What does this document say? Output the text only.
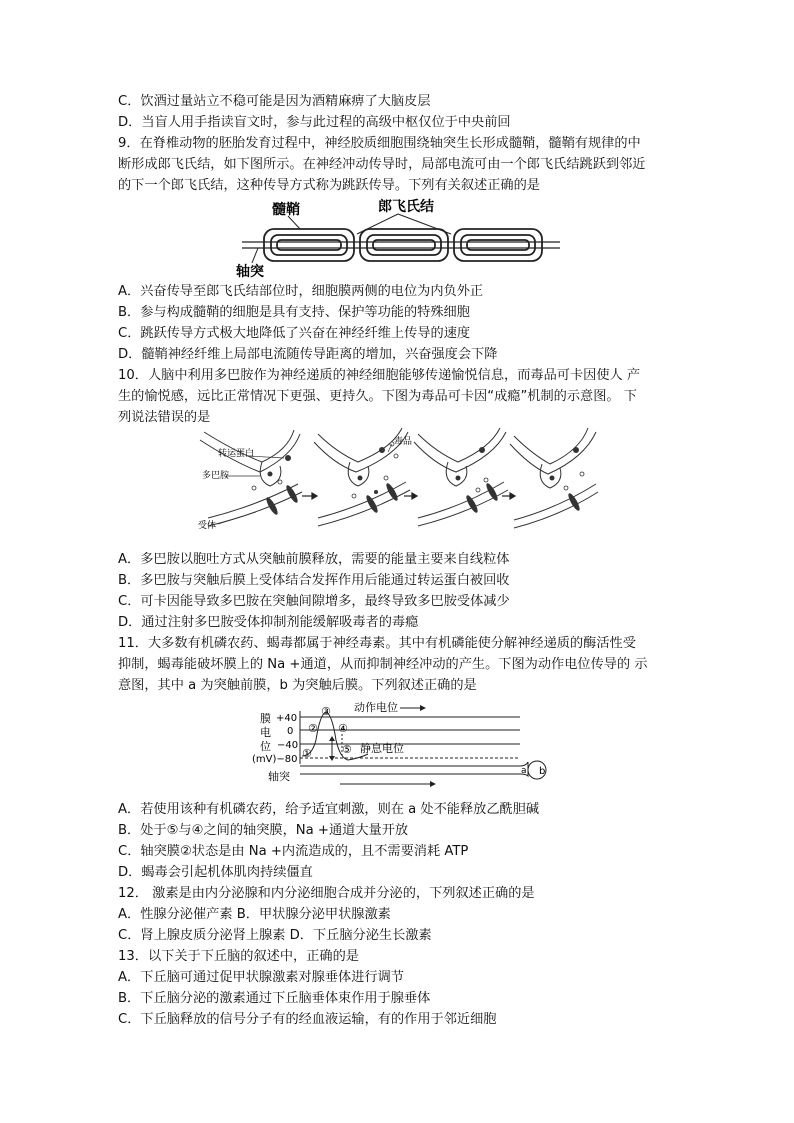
C．饮酒过量站立不稳可能是因为酒精麻痹了大脑皮层
D．当盲人用手指读盲文时，参与此过程的高级中枢仅位于中央前回
9．在脊椎动物的胚胎发育过程中，神经胶质细胞围绕轴突生长形成髓鞘，髓鞘有规律的中
断形成郎飞氏结，如下图所示。在神经冲动传导时，局部电流可由一个郎飞氏结跳跃到邻近
的下一个郎飞氏结，这种传导方式称为跳跃传导。下列有关叙述正确的是
髓鞘	郎飞氏结
轴突
A．兴奋传导至郎飞氏结部位时，细胞膜两侧的电位为内负外正
B．参与构成髓鞘的细胞是具有支持、保护等功能的特殊细胞
C．跳跃传导方式极大地降低了兴奋在神经纤维上传导的速度
D．髓鞘神经纤维上局部电流随传导距离的增加，兴奋强度会下降
10．人脑中利用多巴胺作为神经递质的神经细胞能够传递愉悦信息，而毒品可卡因使人 产
生的愉悦感，远比正常情况下更强、更持久。下图为毒品可卡因“成瘾”机制的示意图。 下
列说法错误的是
转运蛋白
多巴胺
受体
毒品
A．多巴胺以胞吐方式从突触前膜释放，需要的能量主要来自线粒体
B．多巴胺与突触后膜上受体结合发挥作用后能通过转运蛋白被回收
C．可卡因能导致多巴胺在突触间隙增多，最终导致多巴胺受体减少
D．通过注射多巴胺受体抑制剂能缓解吸毒者的毒瘾
11．大多数有机磷农药、蝎毒都属于神经毒素。其中有机磷能使分解神经递质的酶活性受
抑制，蝎毒能破坏膜上的 Na +通道，从而抑制神经冲动的产生。下图为动作电位传导的 示
意图，其中 a 为突触前膜，b 为突触后膜。下列叙述正确的是
膜
电
位
+40
0
−40
(mV)−80 ①
②
③
④
⑤
动作电位
静息电位
轴突	a b
A．若使用该种有机磷农药，给予适宜刺激，则在 a 处不能释放乙酰胆碱
B．处于⑤与④之间的轴突膜，Na +通道大量开放
C．轴突膜②状态是由 Na +内流造成的，且不需要消耗 ATP
D．蝎毒会引起机体肌肉持续僵直
12． 激素是由内分泌腺和内分泌细胞合成并分泌的，下列叙述正确的是
A．性腺分泌催产素 B．甲状腺分泌甲状腺激素
C．肾上腺皮质分泌肾上腺素 D．下丘脑分泌生长激素
13．以下关于下丘脑的叙述中，正确的是
A．下丘脑可通过促甲状腺激素对腺垂体进行调节
B．下丘脑分泌的激素通过下丘脑垂体束作用于腺垂体
C．下丘脑释放的信号分子有的经血液运输，有的作用于邻近细胞
